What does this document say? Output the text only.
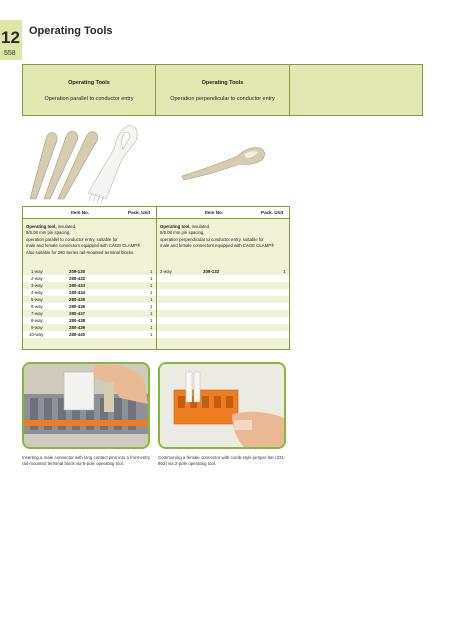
12
558
Operating Tools
Operating Tools
Operation parallel to conductor entry
Operating Tools
Operation perpendicular to conductor entry
Item No.	Pack. Unit	Item No.	Pack. Unit
Operating tool, insulated,
5/5.08 mm pin spacing,
operation parallel to conductor entry, suitable for
male and female connectors equipped with CAGE CLAMP®
Also suitable for 280 Series rail-mounted terminal blocks.
Operating tool, insulated,
5/5.08 mm pin spacing,
operation perpendicular to conductor entry, suitable for
male and female connectors equipped with CAGE CLAMP®
1-way	209-130	1
2-way	280-432	1
3-way	280-433	1
4-way	280-434	1
5-way	280-435	1
6-way	280-436	1
7-way	280-437	1
8-way	280-438	1
9-way	280-439	1
10-way	280-440	1
2-way	209-132	1
Inserting a male connector with long contact pins into a front-entry rail-mounted terminal block via 5-pole operating tool.
Commoning a female connector with comb-style jumper bar (231-902) via 2-pole operating tool.
